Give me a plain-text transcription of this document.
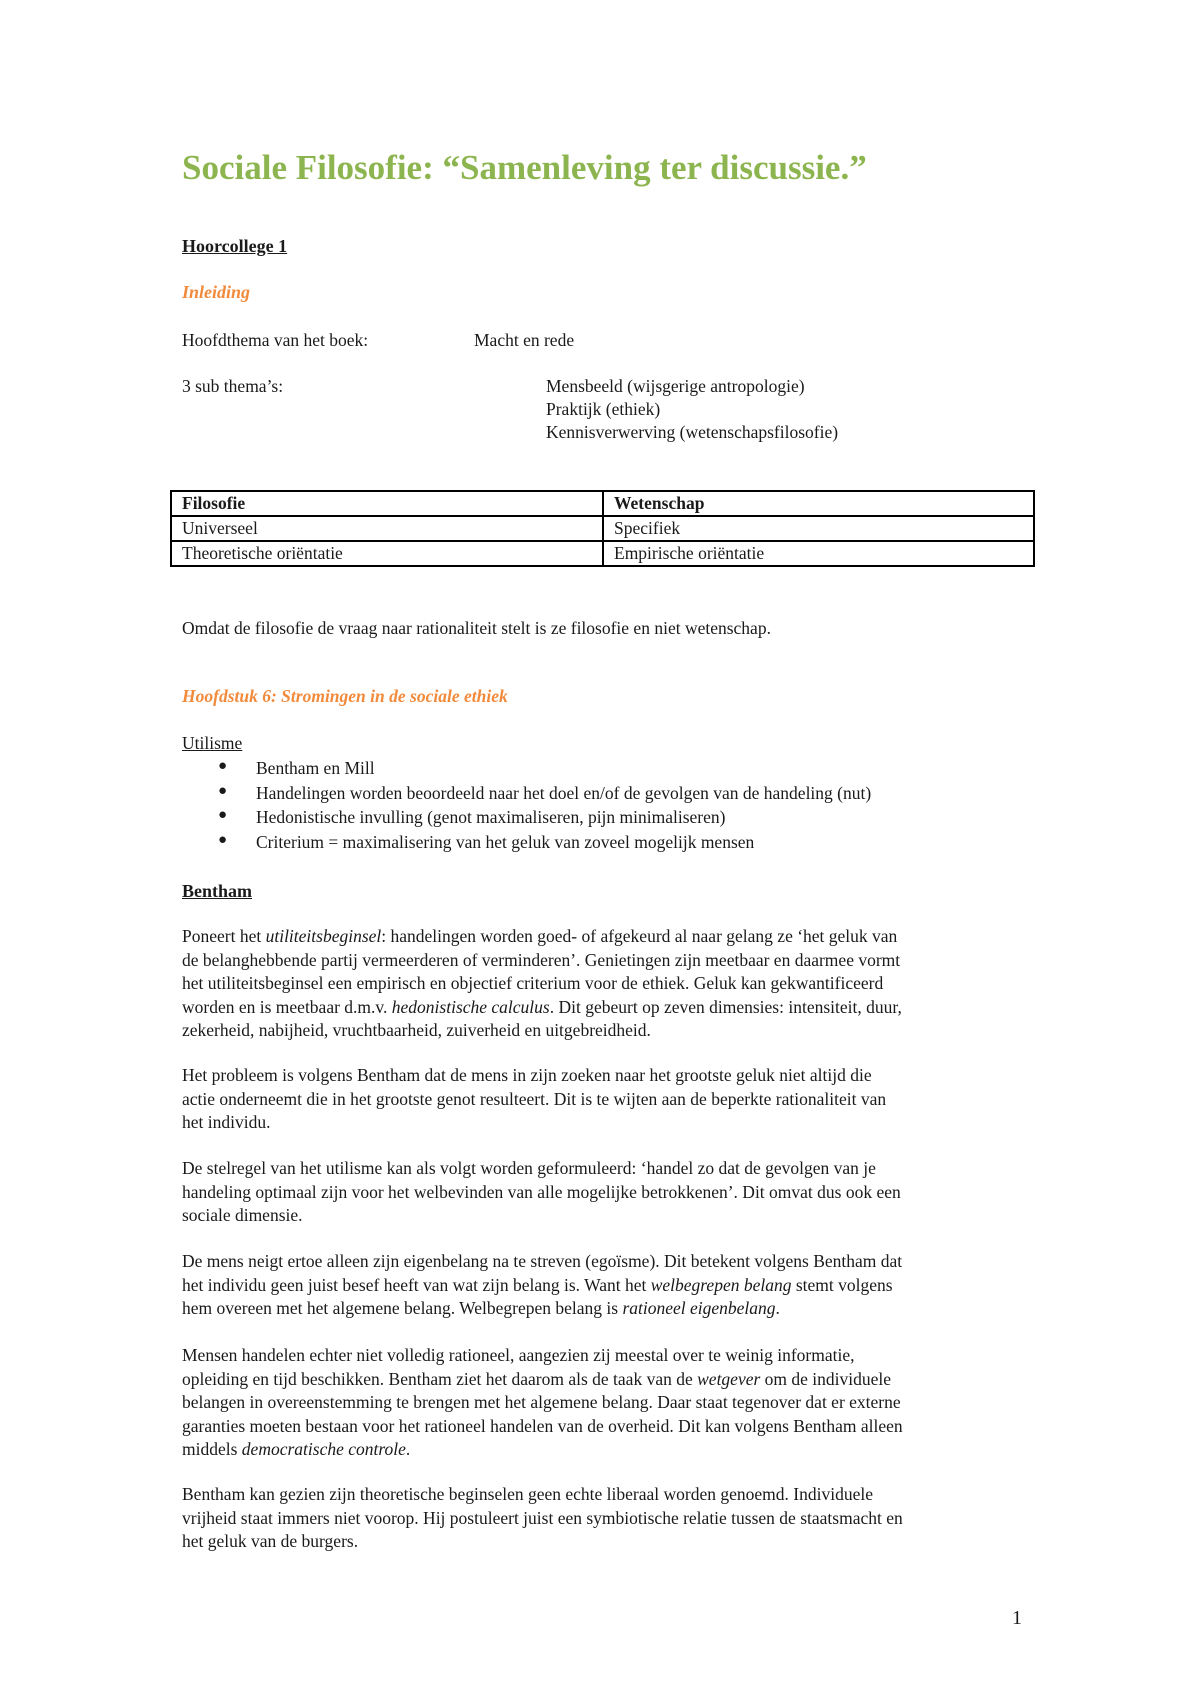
Sociale Filosofie: “Samenleving ter discussie.”
Hoorcollege 1
Inleiding
Hoofdthema van het boek:	Macht en rede
3 sub thema’s:	Mensbeeld (wijsgerige antropologie)
Praktijk (ethiek)
Kennisverwerving (wetenschapsfilosofie)
Filosofie	Wetenschap
Universeel	Specifiek
Theoretische oriëntatie	Empirische oriëntatie
Omdat de filosofie de vraag naar rationaliteit stelt is ze filosofie en niet wetenschap.
Hoofdstuk 6: Stromingen in de sociale ethiek
Utilisme
● Bentham en Mill
● Handelingen worden beoordeeld naar het doel en/of de gevolgen van de handeling (nut)
● Hedonistische invulling (genot maximaliseren, pijn minimaliseren)
● Criterium = maximalisering van het geluk van zoveel mogelijk mensen
Bentham

Poneert het utiliteitsbeginsel: handelingen worden goed- of afgekeurd al naar gelang ze ‘het geluk van
de belanghebbende partij vermeerderen of verminderen’. Genietingen zijn meetbaar en daarmee vormt
het utiliteitsbeginsel een empirisch en objectief criterium voor de ethiek. Geluk kan gekwantificeerd
worden en is meetbaar d.m.v. hedonistische calculus. Dit gebeurt op zeven dimensies: intensiteit, duur,
zekerheid, nabijheid, vruchtbaarheid, zuiverheid en uitgebreidheid.

Het probleem is volgens Bentham dat de mens in zijn zoeken naar het grootste geluk niet altijd die
actie onderneemt die in het grootste genot resulteert. Dit is te wijten aan de beperkte rationaliteit van
het individu.

De stelregel van het utilisme kan als volgt worden geformuleerd: ‘handel zo dat de gevolgen van je
handeling optimaal zijn voor het welbevinden van alle mogelijke betrokkenen’. Dit omvat dus ook een
sociale dimensie.

De mens neigt ertoe alleen zijn eigenbelang na te streven (egoïsme). Dit betekent volgens Bentham dat
het individu geen juist besef heeft van wat zijn belang is. Want het welbegrepen belang stemt volgens
hem overeen met het algemene belang. Welbegrepen belang is rationeel eigenbelang.

Mensen handelen echter niet volledig rationeel, aangezien zij meestal over te weinig informatie,
opleiding en tijd beschikken. Bentham ziet het daarom als de taak van de wetgever om de individuele
belangen in overeenstemming te brengen met het algemene belang. Daar staat tegenover dat er externe
garanties moeten bestaan voor het rationeel handelen van de overheid. Dit kan volgens Bentham alleen
middels democratische controle.

Bentham kan gezien zijn theoretische beginselen geen echte liberaal worden genoemd. Individuele
vrijheid staat immers niet voorop. Hij postuleert juist een symbiotische relatie tussen de staatsmacht en
het geluk van de burgers.

1
